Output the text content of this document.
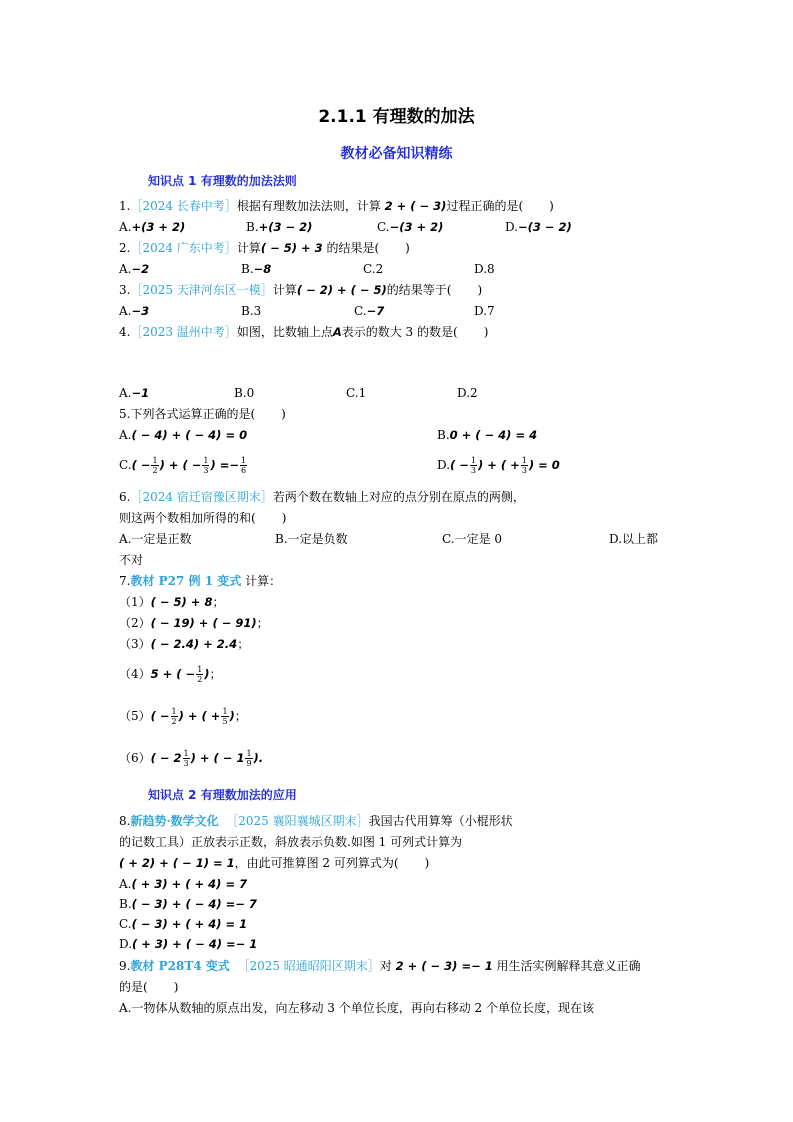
2.1.1 有理数的加法
教材必备知识精练
知识点 1 有理数的加法法则
1.［2024 长春中考］根据有理数加法法则，计算 2 + ( − 3)过程正确的是( )
A.+(3 + 2)	B.+(3 − 2)	C.−(3 + 2)	D.−(3 − 2)
2.［2024 广东中考］计算( − 5) + 3 的结果是( )
A.−2	B.−8	C.2	D.8
3.［2025 天津河东区一模］计算( − 2) + ( − 5)的结果等于( )
A.−3	B.3	C.−7	D.7
4.［2023 温州中考］如图，比数轴上点A表示的数大 3 的数是( )
A.−1	B.0	C.1	D.2
5.下列各式运算正确的是( )
A.( − 4) + ( − 4) = 0	B.0 + ( − 4) = 4
$C.( - \frac{1}{2}$ ) + ( − $\frac{1}{3}$ ) =− $\frac{1}{6}$	$D.( - \frac{1}{3}$ ) + ( + $\frac{1}{3}$ ) = 0
6.［2024 宿迁宿豫区期末］若两个数在数轴上对应的点分别在原点的两侧，
则这两个数相加所得的和( )
A.一定是正数	B.一定是负数	C.一定是 0	D.以上都
不对
7.教材 P27 例 1 变式 计算：
（1）( − 5) + 8；
（2）( − 19) + ( − 91)；
（3）( − 2.4) + 2.4；
（4）5 + ( − $\frac{1}{2}$ )；
$(5)( - \frac{1}{2}$ ) + ( + $\frac{1}{5}$ )；
$(6)( - 2 \frac{1}{3}$ ) + ( − $1 \frac{1}{9}$ ).
知识点 2 有理数加法的应用
8.新趋势·数学文化 ［2025 襄阳襄城区期末］我国古代用算筹（小棍形状
的记数工具）正放表示正数，斜放表示负数.如图 1 可列式计算为
( + 2) + ( − 1) = 1，由此可推算图 2 可列算式为( )
A.( + 3) + ( + 4) = 7
B.( − 3) + ( − 4) =− 7
C.( − 3) + ( + 4) = 1
D.( + 3) + ( − 4) =− 1
9.教材 P28T4 变式 ［2025 昭通昭阳区期末］对 2 + ( − 3) =− 1 用生活实例解释其意义正确
的是( )
A.一物体从数轴的原点出发，向左移动 3 个单位长度，再向右移动 2 个单位长度，现在该
